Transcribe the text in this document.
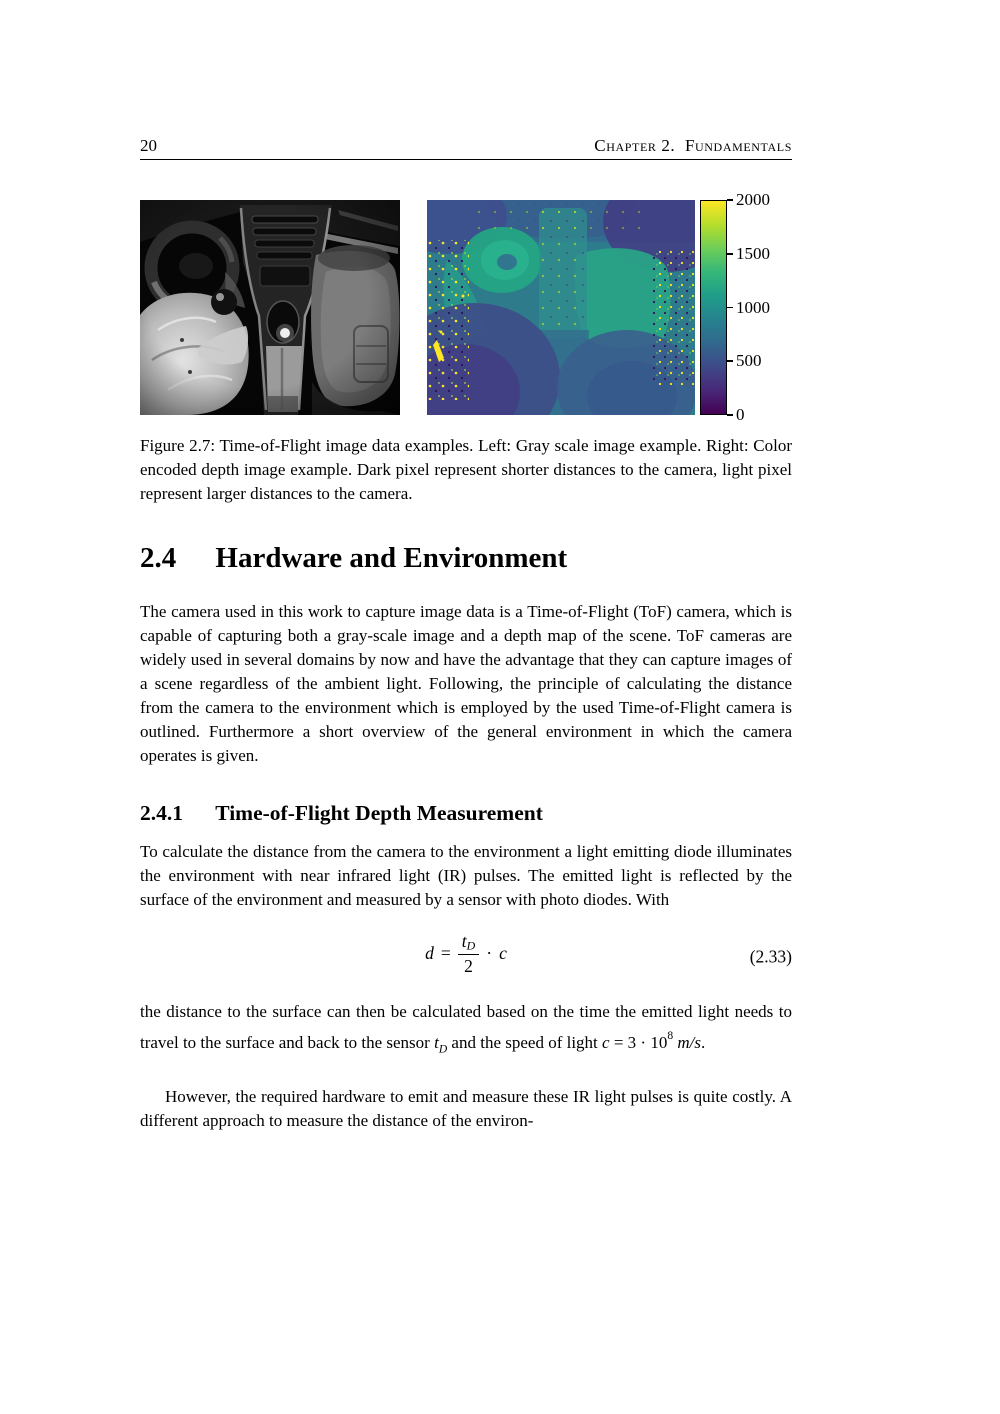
20	Chapter 2.  Fundamentals
2000
1500
1000
500
0
Figure 2.7: Time-of-Flight image data examples. Left: Gray scale image example. Right: Color encoded depth image example. Dark pixel represent shorter distances to the camera, light pixel represent larger distances to the camera.
2.4 Hardware and Environment

The camera used in this work to capture image data is a Time-of-Flight (ToF) camera, which is capable of capturing both a gray-scale image and a depth map of the scene. ToF cameras are widely used in several domains by now and have the advantage that they can capture images of a scene regardless of the ambient light. Following, the principle of calculating the distance from the camera to the environment which is employed by the used Time-of-Flight camera is outlined. Furthermore a short overview of the general environment in which the camera operates is given.

2.4.1 Time-of-Flight Depth Measurement

To calculate the distance from the camera to the environment a light emitting diode illuminates the environment with near infrared light (IR) pulses. The emitted light is reflected by the surface of the environment and measured by a sensor with photo diodes. With

$d = \frac{tD}{2} \cdot c$	(2.33)

the distance to the surface can then be calculated based on the time the emitted light needs to travel to the surface and back to the sensor $t_D$ and the speed of light $c = 3 \cdot 10^8$ m/s.

However, the required hardware to emit and measure these IR light pulses is quite costly. A different approach to measure the distance of the environ-
